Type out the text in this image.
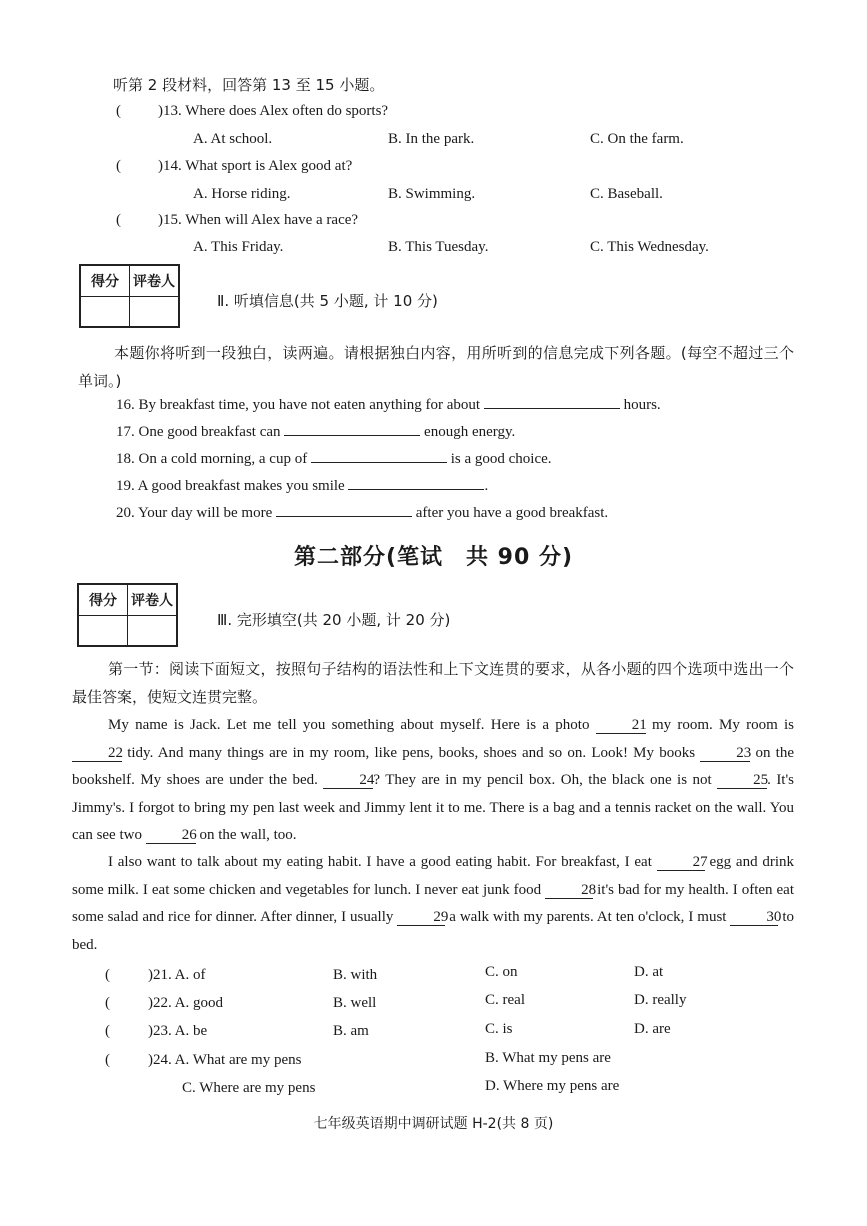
听第 2 段材料，回答第 13 至 15 小题。
( )13. Where does Alex often do sports?
A. At school.	B. In the park.	C. On the farm.
( )14. What sport is Alex good at?
A. Horse riding.	B. Swimming.	C. Baseball.
( )15. When will Alex have a race?
A. This Friday.	B. This Tuesday.	C. This Wednesday.
得分	评卷人

Ⅱ. 听填信息(共 5 小题, 计 10 分)
本题你将听到一段独白，读两遍。请根据独白内容，用所听到的信息完成下列各题。(每空不超过三个单词。)
16. By breakfast time, you have not eaten anything for about	hours.
17. One good breakfast can	enough energy.
18. On a cold morning, a cup of	is a good choice.
19. A good breakfast makes you smile	.
20. Your day will be more	after you have a good breakfast.
第二部分(笔试　共 90 分)
得分	评卷人

Ⅲ. 完形填空(共 20 小题, 计 20 分)
第一节：阅读下面短文，按照句子结构的语法性和上下文连贯的要求，从各小题的四个选项中选出一个最佳答案，使短文连贯完整。
My name is Jack. Let me tell you something about myself. Here is a photo	21 my room. My room is 22 tidy. And many things are in my room, like pens, books, shoes and so on. Look! My books	23 on the bookshelf. My shoes are under the bed.	24? They are in my pencil box. Oh, the black one is not	25. It's Jimmy's. I forgot to bring my pen last week and Jimmy lent it to me. There is a bag and a tennis racket on the wall. You can see two	26 on the wall, too.
I also want to talk about my eating habit. I have a good eating habit. For breakfast, I eat	27 egg and drink some milk. I eat some chicken and vegetables for lunch. I never eat junk food	28 it's bad for my health. I often eat some salad and rice for dinner. After dinner, I usually	29 a walk with my parents. At ten o'clock, I must	30 to bed.
(	)21. A. of	B. with	C. on	D. at
(	)22. A. good	B. well	C. real	D. really
(	)23. A. be	B. am	C. is	D. are
(	)24. A. What are my pens	B. What my pens are
C. Where are my pens	D. Where my pens are
七年级英语期中调研试题 H-2(共 8 页)
